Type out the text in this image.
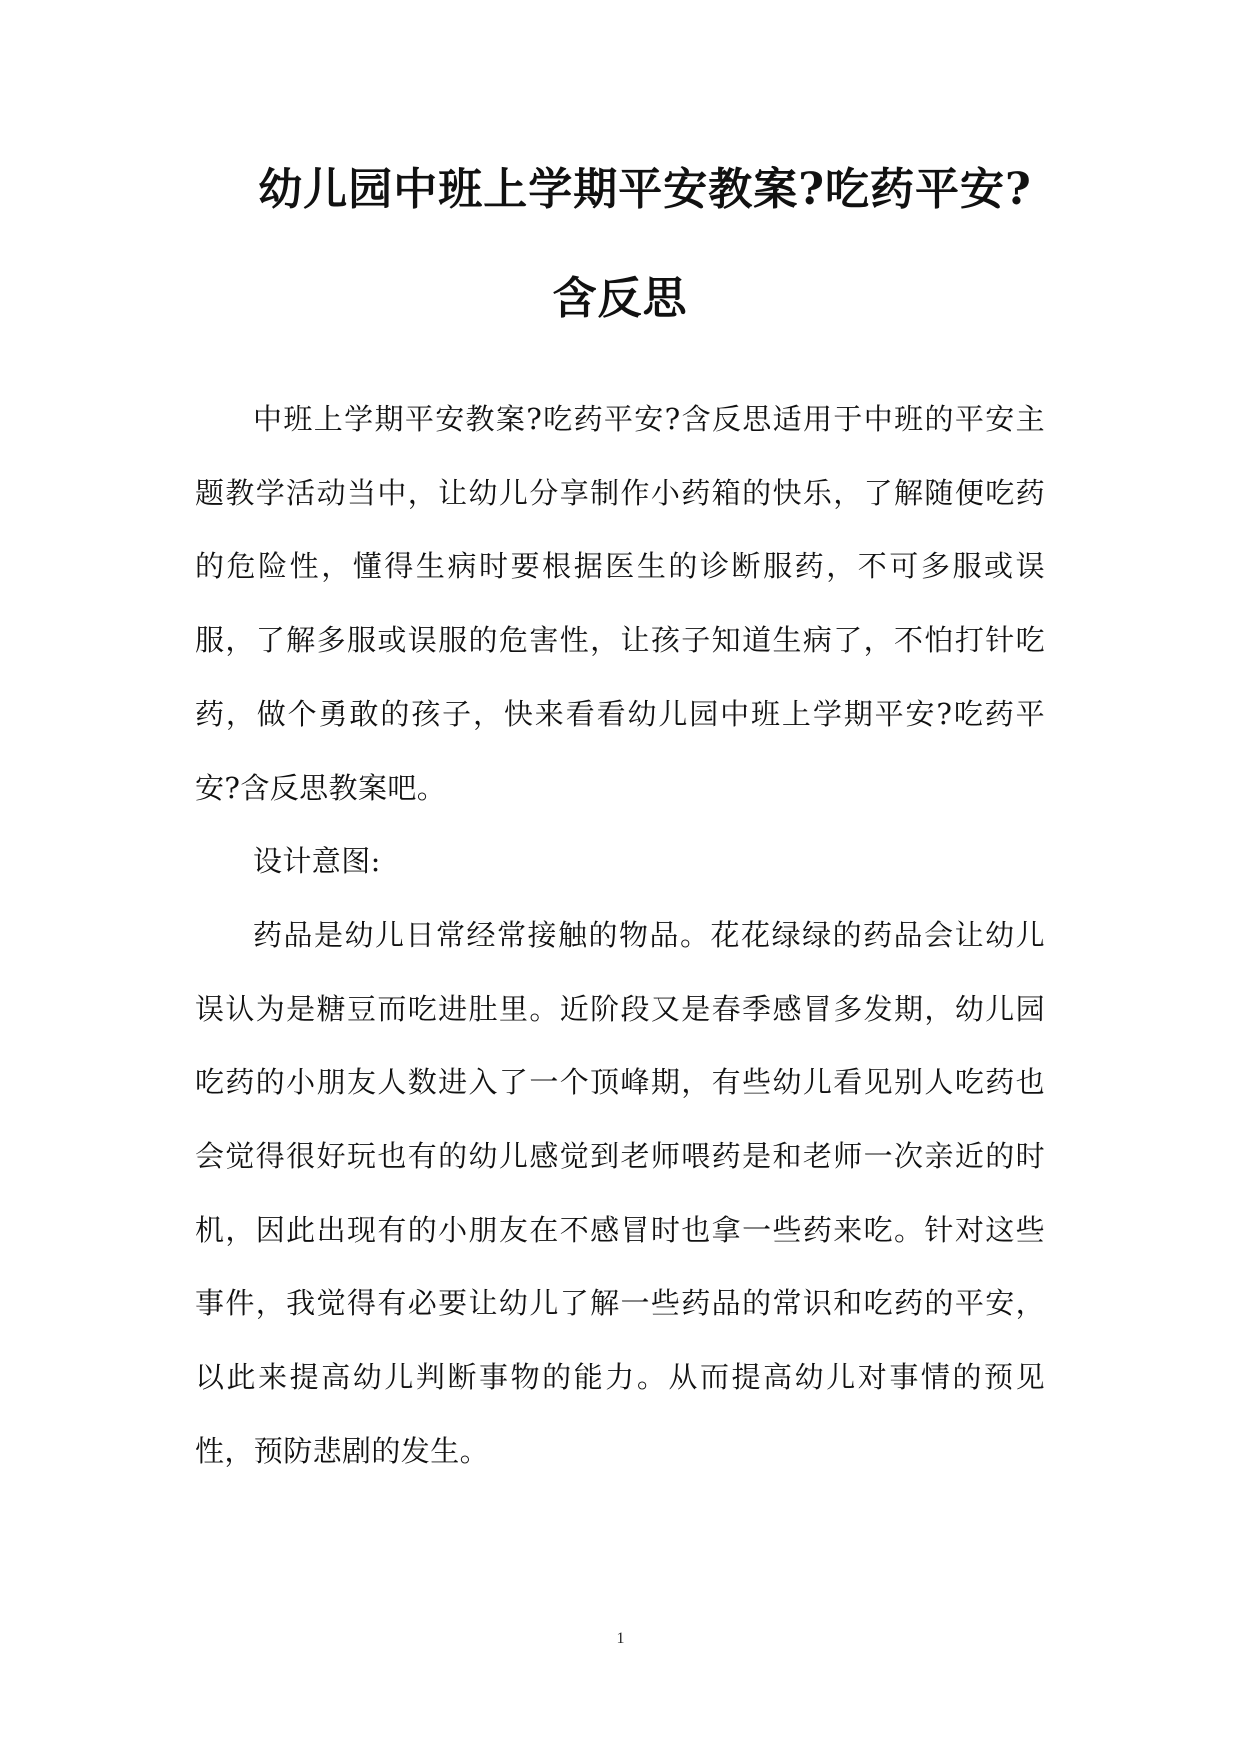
幼儿园中班上学期平安教案?吃药平安?
含反思

中班上学期平安教案?吃药平安?含反思适用于中班的平安主题教学活动当中，让幼儿分享制作小药箱的快乐，了解随便吃药的危险性，懂得生病时要根据医生的诊断服药，不可多服或误服，了解多服或误服的危害性，让孩子知道生病了，不怕打针吃药，做个勇敢的孩子，快来看看幼儿园中班上学期平安?吃药平安?含反思教案吧。

设计意图:

药品是幼儿日常经常接触的物品。花花绿绿的药品会让幼儿误认为是糖豆而吃进肚里。近阶段又是春季感冒多发期，幼儿园吃药的小朋友人数进入了一个顶峰期，有些幼儿看见别人吃药也会觉得很好玩也有的幼儿感觉到老师喂药是和老师一次亲近的时机，因此出现有的小朋友在不感冒时也拿一些药来吃。针对这些事件，我觉得有必要让幼儿了解一些药品的常识和吃药的平安，以此来提高幼儿判断事物的能力。从而提高幼儿对事情的预见性，预防悲剧的发生。

1
